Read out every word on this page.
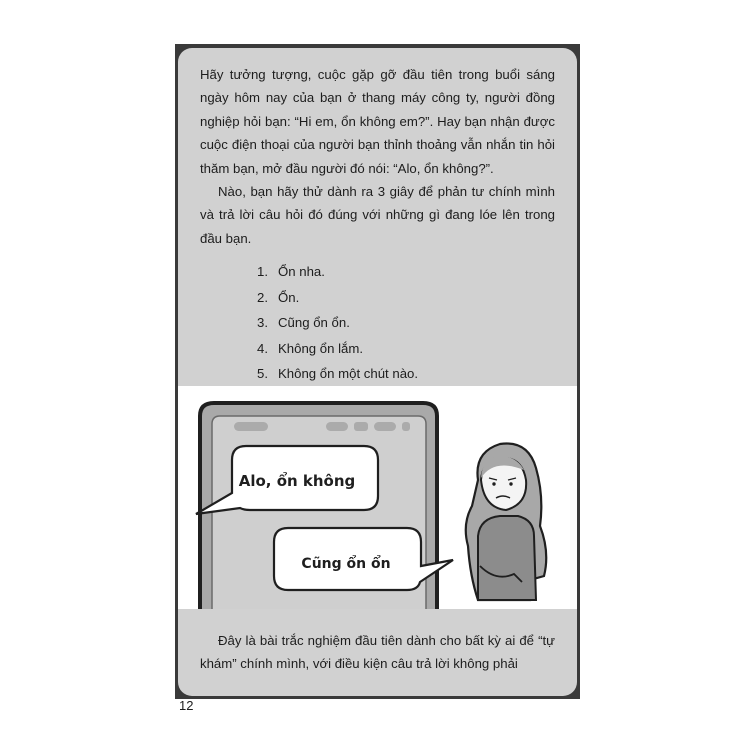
Hãy tưởng tượng, cuộc gặp gỡ đầu tiên trong buổi sáng ngày hôm nay của bạn ở thang máy công ty, người đồng nghiệp hỏi bạn: “Hi em, ổn không em?”. Hay bạn nhận được cuộc điện thoại của người bạn thỉnh thoảng vẫn nhắn tin hỏi thăm bạn, mở đầu người đó nói: “Alo, ổn không?”.

Nào, bạn hãy thử dành ra 3 giây để phản tư chính mình và trả lời câu hỏi đó đúng với những gì đang lóe lên trong đầu bạn.

1. Ổn nha.
2. Ổn.
3. Cũng ổn ổn.
4. Không ổn lắm.
5. Không ổn một chút nào.
Alo, ổn không
Cũng ổn ổn

Đây là bài trắc nghiệm đầu tiên dành cho bất kỳ ai để “tự khám” chính mình, với điều kiện câu trả lời không phải

12
